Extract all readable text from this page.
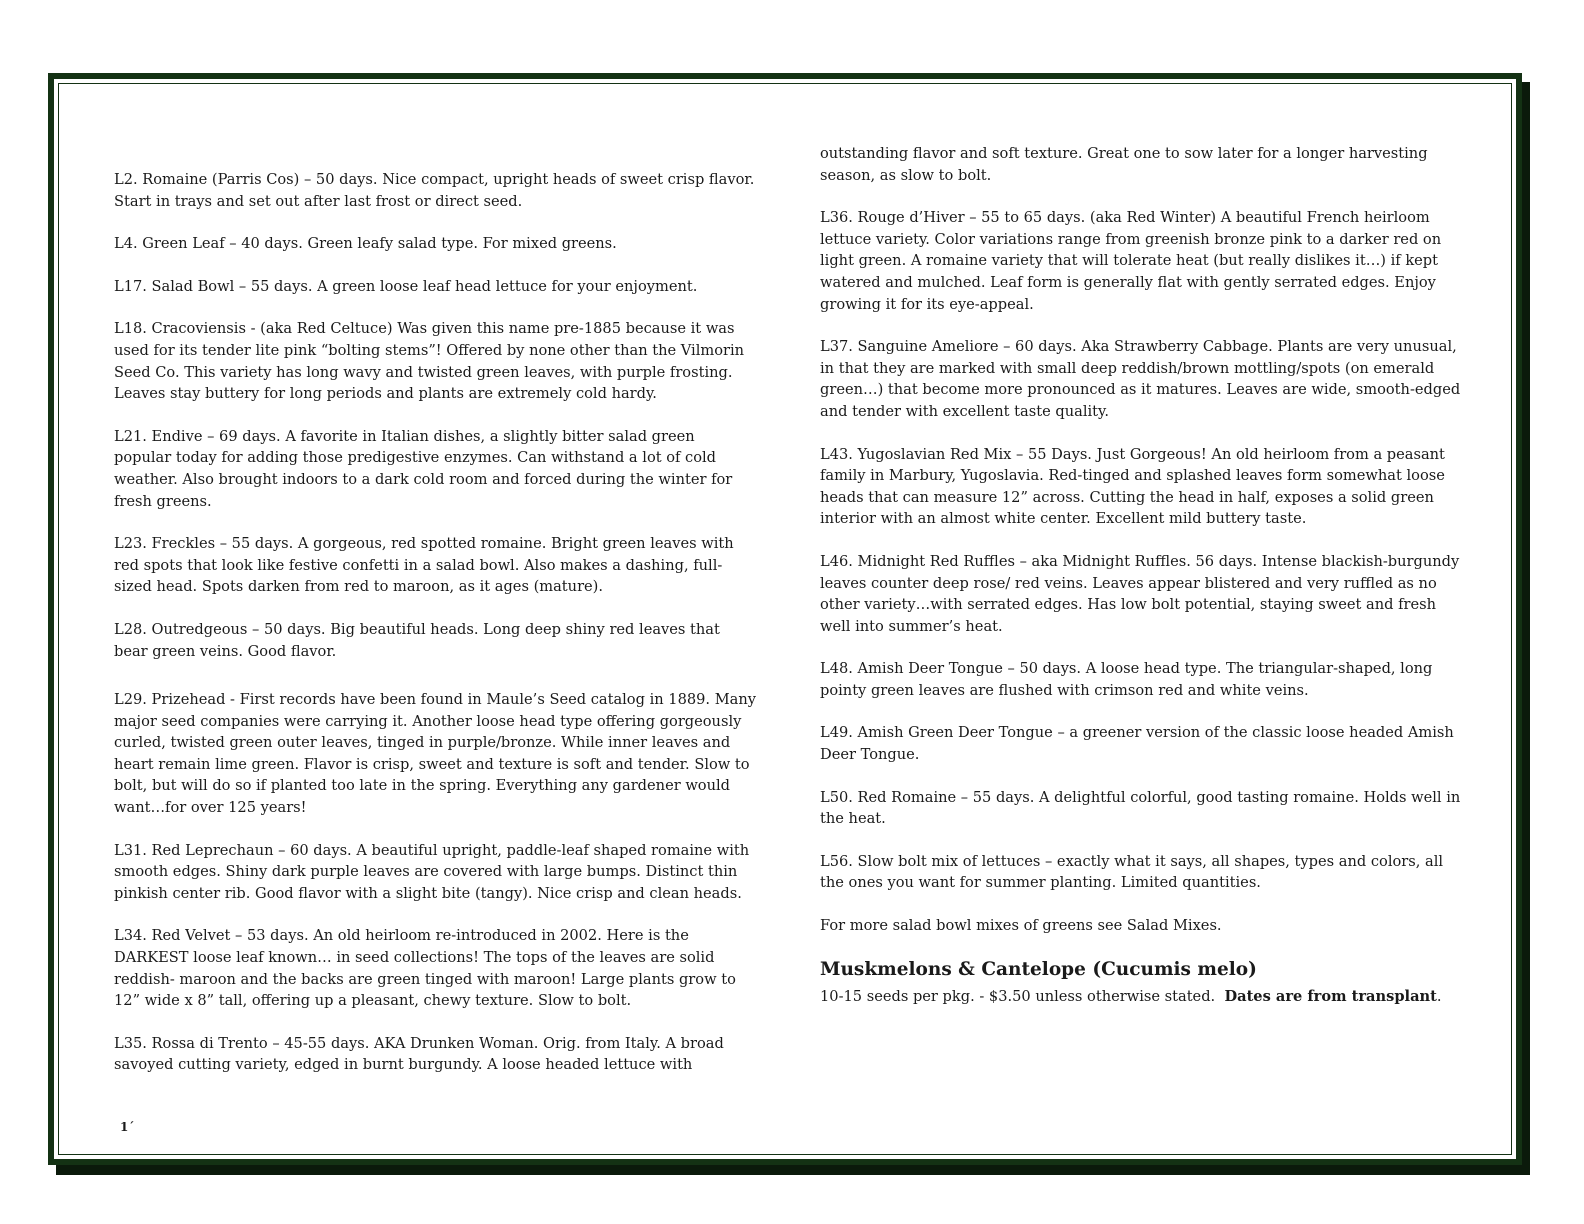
L2. Romaine (Parris Cos) – 50 days. Nice compact, upright heads of sweet crisp flavor. Start in trays and set out after last frost or direct seed.

L4. Green Leaf – 40 days. Green leafy salad type. For mixed greens.

L17. Salad Bowl – 55 days. A green loose leaf head lettuce for your enjoyment.

L18. Cracoviensis - (aka Red Celtuce) Was given this name pre-1885 because it was used for its tender lite pink “bolting stems”! Offered by none other than the Vilmorin Seed Co. This variety has long wavy and twisted green leaves, with purple frosting. Leaves stay buttery for long periods and plants are extremely cold hardy.

L21. Endive – 69 days. A favorite in Italian dishes, a slightly bitter salad green popular today for adding those predigestive enzymes. Can withstand a lot of cold weather. Also brought indoors to a dark cold room and forced during the winter for fresh greens.

L23. Freckles – 55 days. A gorgeous, red spotted romaine. Bright green leaves with red spots that look like festive confetti in a salad bowl. Also makes a dashing, full-sized head. Spots darken from red to maroon, as it ages (mature).

L28. Outredgeous – 50 days. Big beautiful heads. Long deep shiny red leaves that bear green veins. Good flavor.

L29. Prizehead - First records have been found in Maule’s Seed catalog in 1889. Many major seed companies were carrying it. Another loose head type offering gorgeously curled, twisted green outer leaves, tinged in purple/bronze. While inner leaves and heart remain lime green. Flavor is crisp, sweet and texture is soft and tender. Slow to bolt, but will do so if planted too late in the spring. Everything any gardener would want…for over 125 years!

L31. Red Leprechaun – 60 days. A beautiful upright, paddle-leaf shaped romaine with smooth edges. Shiny dark purple leaves are covered with large bumps. Distinct thin pinkish center rib. Good flavor with a slight bite (tangy). Nice crisp and clean heads.

L34. Red Velvet – 53 days. An old heirloom re-introduced in 2002. Here is the DARKEST loose leaf known… in seed collections! The tops of the leaves are solid reddish- maroon and the backs are green tinged with maroon! Large plants grow to 12” wide x 8” tall, offering up a pleasant, chewy texture. Slow to bolt.

L35. Rossa di Trento – 45-55 days. AKA Drunken Woman. Orig. from Italy. A broad savoyed cutting variety, edged in burnt burgundy. A loose headed lettuce with

outstanding flavor and soft texture. Great one to sow later for a longer harvesting season, as slow to bolt.

L36. Rouge d’Hiver – 55 to 65 days. (aka Red Winter) A beautiful French heirloom lettuce variety. Color variations range from greenish bronze pink to a darker red on light green. A romaine variety that will tolerate heat (but really dislikes it…) if kept watered and mulched. Leaf form is generally flat with gently serrated edges. Enjoy growing it for its eye-appeal.

L37. Sanguine Ameliore – 60 days. Aka Strawberry Cabbage. Plants are very unusual, in that they are marked with small deep reddish/brown mottling/spots (on emerald green…) that become more pronounced as it matures. Leaves are wide, smooth-edged and tender with excellent taste quality.

L43. Yugoslavian Red Mix – 55 Days. Just Gorgeous! An old heirloom from a peasant family in Marbury, Yugoslavia. Red-tinged and splashed leaves form somewhat loose heads that can measure 12” across. Cutting the head in half, exposes a solid green interior with an almost white center. Excellent mild buttery taste.

L46. Midnight Red Ruffles – aka Midnight Ruffles. 56 days. Intense blackish-burgundy leaves counter deep rose/ red veins. Leaves appear blistered and very ruffled as no other variety…with serrated edges. Has low bolt potential, staying sweet and fresh well into summer’s heat.

L48. Amish Deer Tongue – 50 days. A loose head type. The triangular-shaped, long pointy green leaves are flushed with crimson red and white veins.

L49. Amish Green Deer Tongue – a greener version of the classic loose headed Amish Deer Tongue.

L50. Red Romaine – 55 days. A delightful colorful, good tasting romaine. Holds well in the heat.

L56. Slow bolt mix of lettuces – exactly what it says, all shapes, types and colors, all the ones you want for summer planting. Limited quantities.

For more salad bowl mixes of greens see Salad Mixes.

Muskmelons & Cantelope (Cucumis melo)
10-15 seeds per pkg. - $3.50 unless otherwise stated. Dates are from transplant.
1´
